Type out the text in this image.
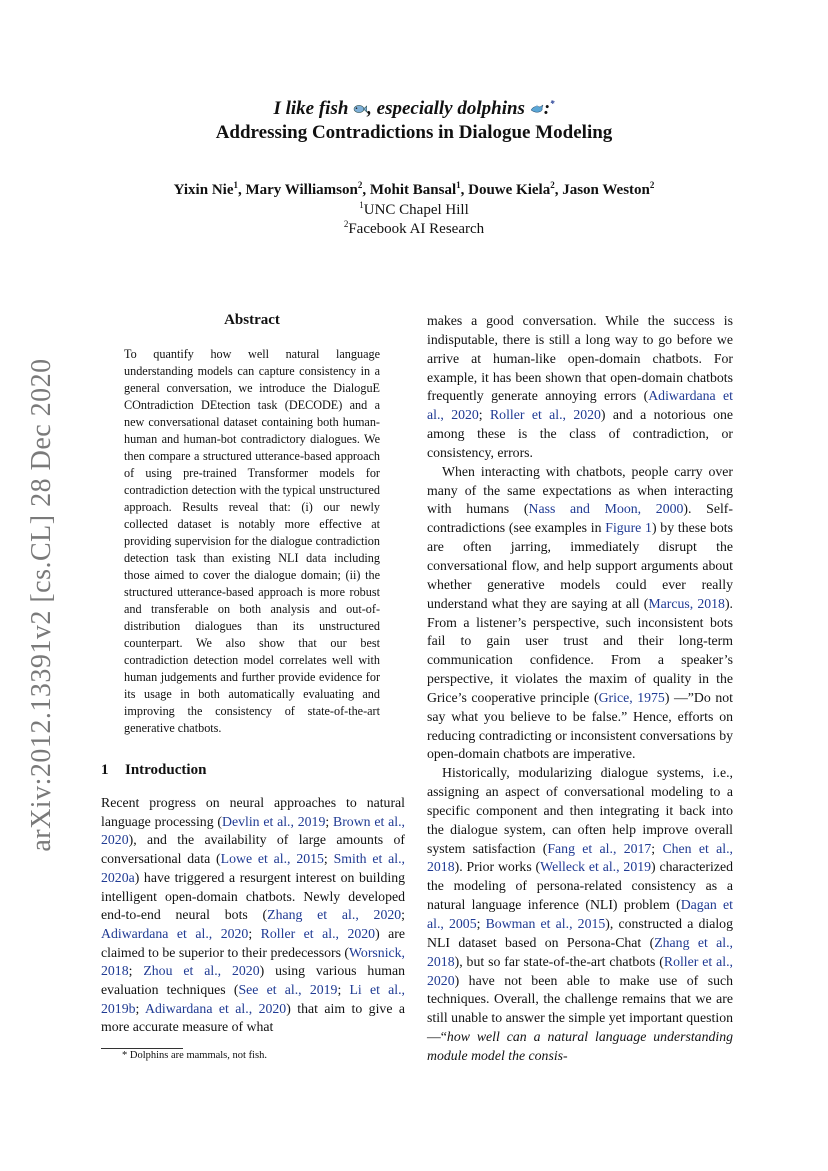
arXiv:2012.13391v2 [cs.CL] 28 Dec 2020
I like fish , especially dolphins :*
Addressing Contradictions in Dialogue Modeling
Yixin Nie$^1$, Mary Williamson$^2$, Mohit Bansal$^1$, Douwe Kiela$^2$, Jason Weston$^2$
$^1$UNC Chapel Hill
$^2$Facebook AI Research
Abstract
To quantify how well natural language understanding models can capture consistency in a general conversation, we introduce the DialoguE COntradiction DEtection task (DECODE) and a new conversational dataset containing both human-human and human-bot contradictory dialogues. We then compare a structured utterance-based approach of using pre-trained Transformer models for contradiction detection with the typical unstructured approach. Results reveal that: (i) our newly collected dataset is notably more effective at providing supervision for the dialogue contradiction detection task than existing NLI data including those aimed to cover the dialogue domain; (ii) the structured utterance-based approach is more robust and transferable on both analysis and out-of-distribution dialogues than its unstructured counterpart. We also show that our best contradiction detection model correlates well with human judgements and further provide evidence for its usage in both automatically evaluating and improving the consistency of state-of-the-art generative chatbots.
1 Introduction
Recent progress on neural approaches to natural language processing (Devlin et al., 2019; Brown et al., 2020), and the availability of large amounts of conversational data (Lowe et al., 2015; Smith et al., 2020a) have triggered a resurgent interest on building intelligent open-domain chatbots. Newly developed end-to-end neural bots (Zhang et al., 2020; Adiwardana et al., 2020; Roller et al., 2020) are claimed to be superior to their predecessors (Worsnick, 2018; Zhou et al., 2020) using various human evaluation techniques (See et al., 2019; Li et al., 2019b; Adiwardana et al., 2020) that aim to give a more accurate measure of what
* Dolphins are mammals, not fish.

makes a good conversation. While the success is indisputable, there is still a long way to go before we arrive at human-like open-domain chatbots. For example, it has been shown that open-domain chatbots frequently generate annoying errors (Adiwardana et al., 2020; Roller et al., 2020) and a notorious one among these is the class of contradiction, or consistency, errors.

When interacting with chatbots, people carry over many of the same expectations as when interacting with humans (Nass and Moon, 2000). Self-contradictions (see examples in Figure 1) by these bots are often jarring, immediately disrupt the conversational flow, and help support arguments about whether generative models could ever really understand what they are saying at all (Marcus, 2018). From a listener’s perspective, such inconsistent bots fail to gain user trust and their long-term communication confidence. From a speaker’s perspective, it violates the maxim of quality in the Grice’s cooperative principle (Grice, 1975) —”Do not say what you believe to be false.” Hence, efforts on reducing contradicting or inconsistent conversations by open-domain chatbots are imperative.

Historically, modularizing dialogue systems, i.e., assigning an aspect of conversational modeling to a specific component and then integrating it back into the dialogue system, can often help improve overall system satisfaction (Fang et al., 2017; Chen et al., 2018). Prior works (Welleck et al., 2019) characterized the modeling of persona-related consistency as a natural language inference (NLI) problem (Dagan et al., 2005; Bowman et al., 2015), constructed a dialog NLI dataset based on Persona-Chat (Zhang et al., 2018), but so far state-of-the-art chatbots (Roller et al., 2020) have not been able to make use of such techniques. Overall, the challenge remains that we are still unable to answer the simple yet important question—“how well can a natural language understanding module model the consis-
